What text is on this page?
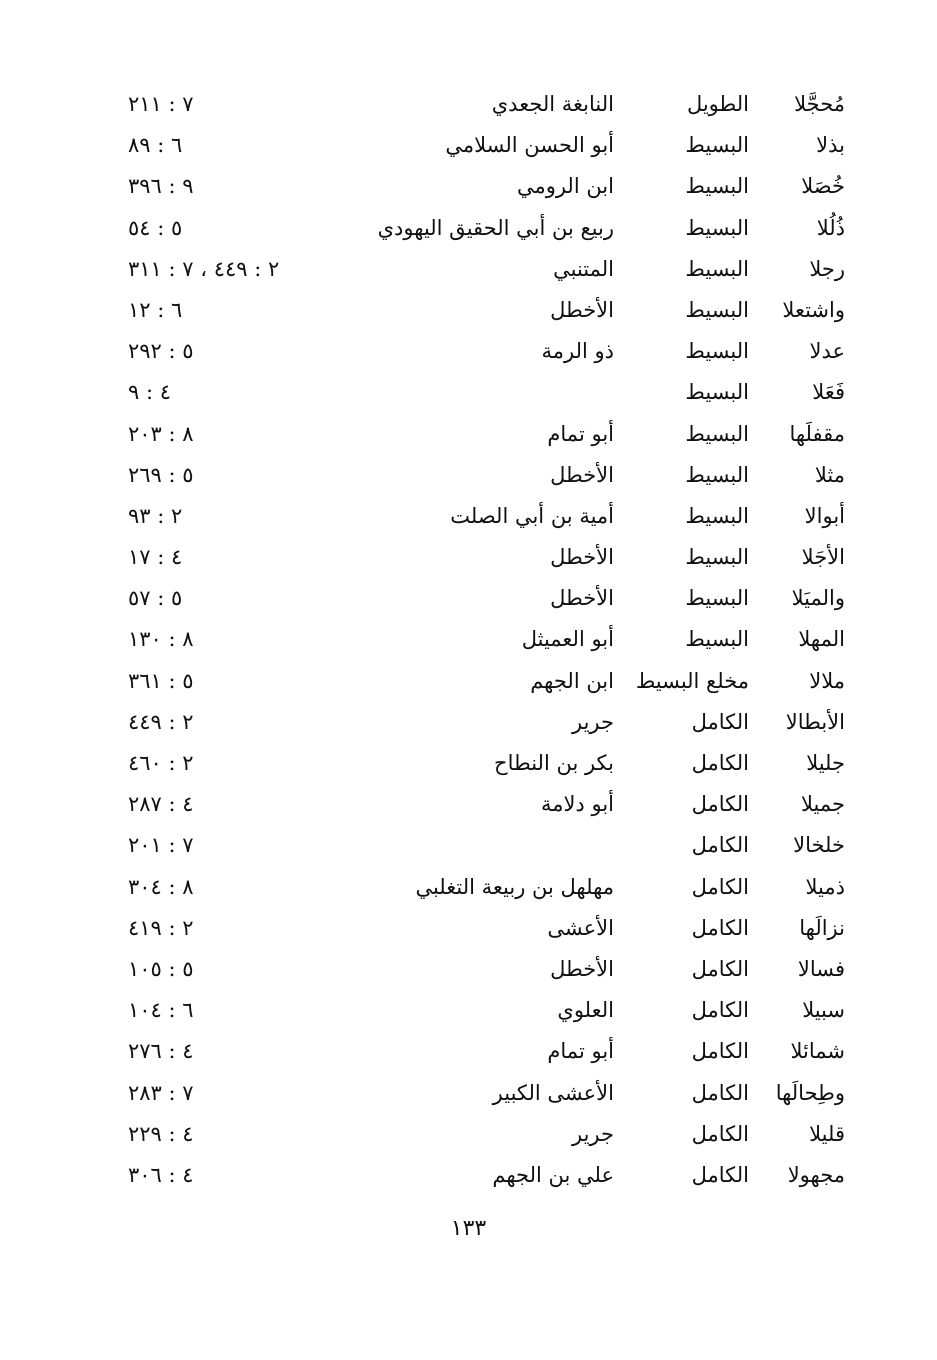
مُحجَّلا
الطويل
النابغة الجعدي
٧ : ٢١١
بذلا
البسيط
أبو الحسن السلامي
٦ : ٨٩
خُصَلا
البسيط
ابن الرومي
٩ : ٣٩٦
ذُلُلا
البسيط
ربيع بن أبي الحقيق اليهودي
٥ : ٥٤
رجلا
البسيط
المتنبي
٢ : ٤٤٩ ، ٧ : ٣١١
واشتعلا
البسيط
الأخطل
٦ : ١٢
عدلا
البسيط
ذو الرمة
٥ : ٢٩٢
فَعَلا
البسيط
٤ : ٩
مقفلَها
البسيط
أبو تمام
٨ : ٢٠٣
مثلا
البسيط
الأخطل
٥ : ٢٦٩
أبوالا
البسيط
أمية بن أبي الصلت
٢ : ٩٣
الأجَلا
البسيط
الأخطل
٤ : ١٧
والميَلا
البسيط
الأخطل
٥ : ٥٧
المهلا
البسيط
أبو العميثل
٨ : ١٣٠
ملالا
مخلع البسيط
ابن الجهم
٥ : ٣٦١
الأبطالا
الكامل
جرير
٢ : ٤٤٩
جليلا
الكامل
بكر بن النطاح
٢ : ٤٦٠
جميلا
الكامل
أبو دلامة
٤ : ٢٨٧
خلخالا
الكامل
٧ : ٢٠١
ذميلا
الكامل
مهلهل بن ربيعة التغلبي
٨ : ٣٠٤
نزالَها
الكامل
الأعشى
٢ : ٤١٩
فسالا
الكامل
الأخطل
٥ : ١٠٥
سبيلا
الكامل
العلوي
٦ : ١٠٤
شمائلا
الكامل
أبو تمام
٤ : ٢٧٦
وطِحالَها
الكامل
الأعشى الكبير
٧ : ٢٨٣
قليلا
الكامل
جرير
٤ : ٢٢٩
مجهولا
الكامل
علي بن الجهم
٤ : ٣٠٦
١٣٣
